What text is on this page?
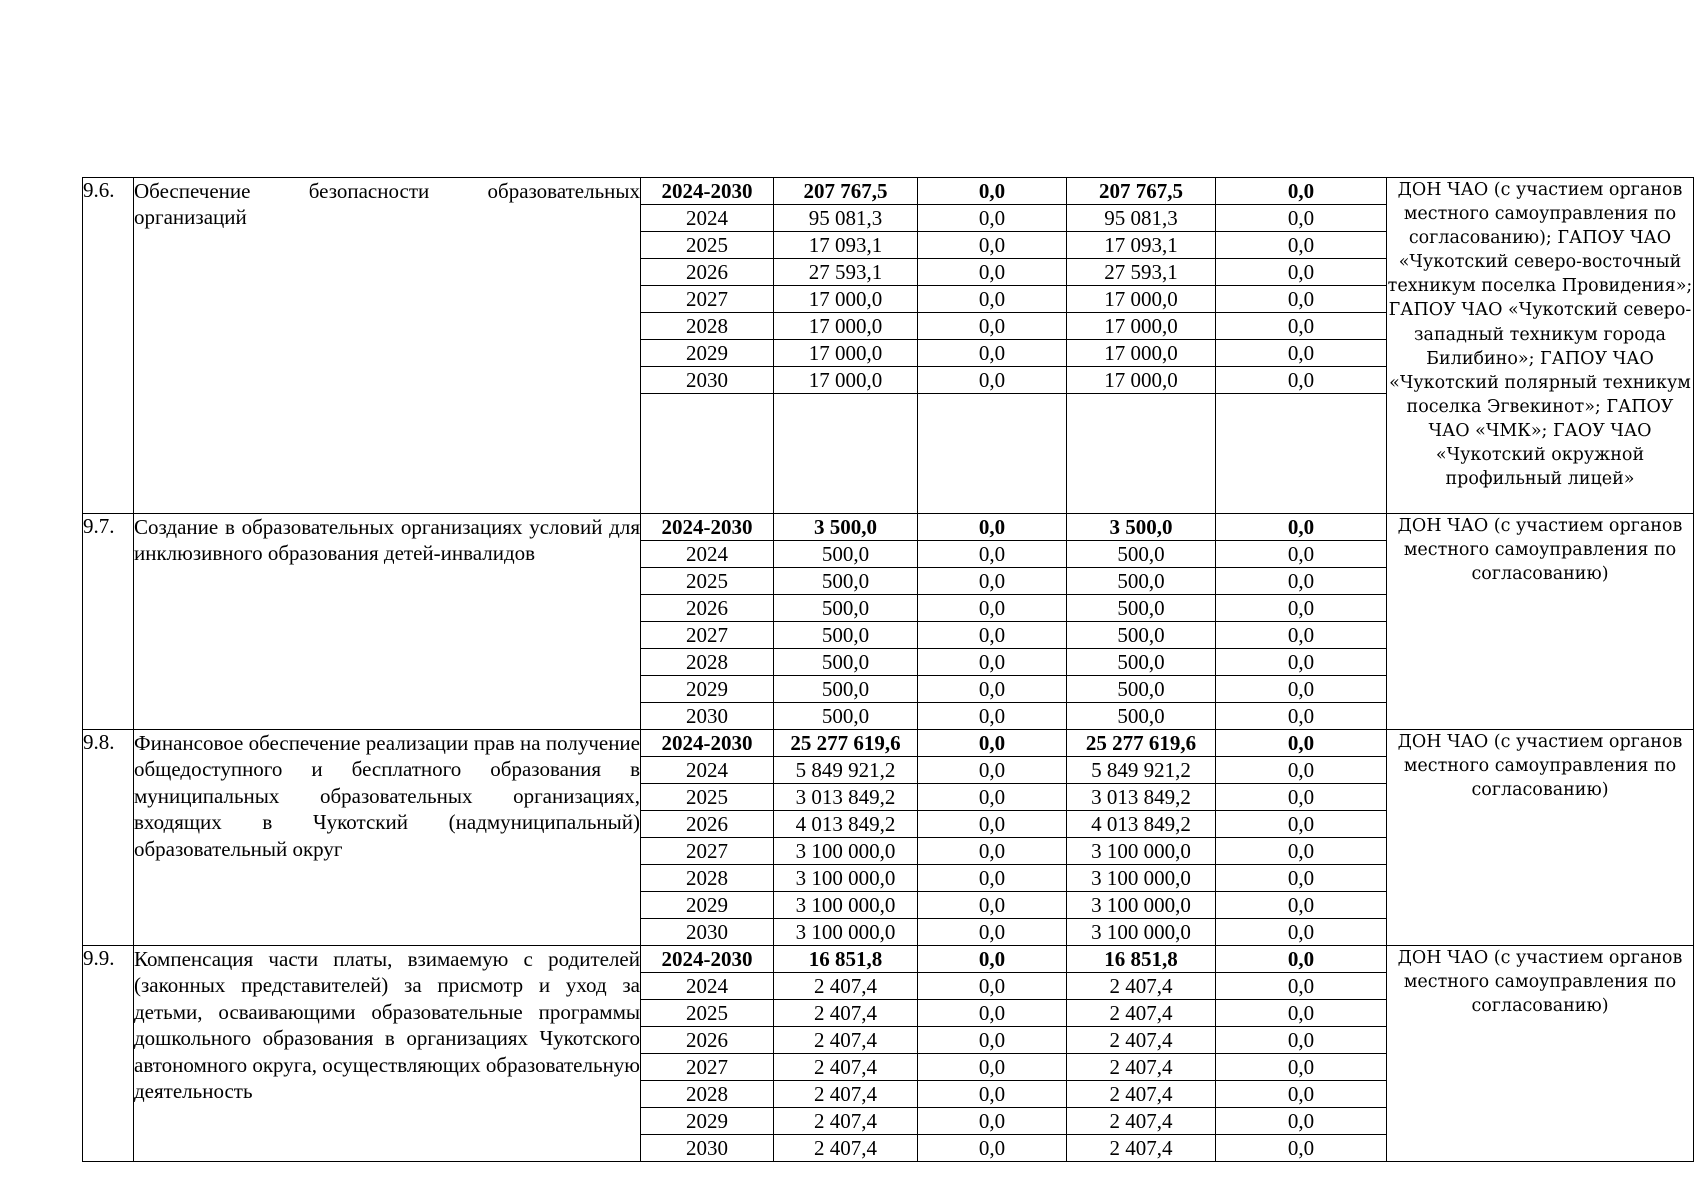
9.6.	Обеспечение безопасности образовательных организаций	2024-2030	207 767,5	0,0	207 767,5	0,0	ДОН ЧАО (с участием органов местного самоуправления по согласованию); ГАПОУ ЧАО «Чукотский северо-восточный техникум поселка Провидения»; ГАПОУ ЧАО «Чукотский северо-западный техникум города Билибино»; ГАПОУ ЧАО «Чукотский полярный техникум поселка Эгвекинот»; ГАПОУ ЧАО «ЧМК»; ГАОУ ЧАО «Чукотский окружной профильный лицей»
		2024	95 081,3	0,0	95 081,3	0,0	
		2025	17 093,1	0,0	17 093,1	0,0	
		2026	27 593,1	0,0	27 593,1	0,0	
		2027	17 000,0	0,0	17 000,0	0,0	
		2028	17 000,0	0,0	17 000,0	0,0	
		2029	17 000,0	0,0	17 000,0	0,0	
		2030	17 000,0	0,0	17 000,0	0,0	

9.7.	Создание в образовательных организациях условий для инклюзивного образования детей-инвалидов	2024-2030	3 500,0	0,0	3 500,0	0,0	ДОН ЧАО (с участием органов местного самоуправления по согласованию)
		2024	500,0	0,0	500,0	0,0	
		2025	500,0	0,0	500,0	0,0	
		2026	500,0	0,0	500,0	0,0	
		2027	500,0	0,0	500,0	0,0	
		2028	500,0	0,0	500,0	0,0	
		2029	500,0	0,0	500,0	0,0	
		2030	500,0	0,0	500,0	0,0	
9.8.	Финансовое обеспечение реализации прав на получение общедоступного и бесплатного образования в муниципальных образовательных организациях, входящих в Чукотский (надмуниципальный) образовательный округ	2024-2030	25 277 619,6	0,0	25 277 619,6	0,0	ДОН ЧАО (с участием органов местного самоуправления по согласованию)
		2024	5 849 921,2	0,0	5 849 921,2	0,0	
		2025	3 013 849,2	0,0	3 013 849,2	0,0	
		2026	4 013 849,2	0,0	4 013 849,2	0,0	
		2027	3 100 000,0	0,0	3 100 000,0	0,0	
		2028	3 100 000,0	0,0	3 100 000,0	0,0	
		2029	3 100 000,0	0,0	3 100 000,0	0,0	
		2030	3 100 000,0	0,0	3 100 000,0	0,0	
9.9.	Компенсация части платы, взимаемую с родителей (законных представителей) за присмотр и уход за детьми, осваивающими образовательные программы дошкольного образования в организациях Чукотского автономного округа, осуществляющих образовательную деятельность	2024-2030	16 851,8	0,0	16 851,8	0,0	ДОН ЧАО (с участием органов местного самоуправления по согласованию)
		2024	2 407,4	0,0	2 407,4	0,0	
		2025	2 407,4	0,0	2 407,4	0,0	
		2026	2 407,4	0,0	2 407,4	0,0	
		2027	2 407,4	0,0	2 407,4	0,0	
		2028	2 407,4	0,0	2 407,4	0,0	
		2029	2 407,4	0,0	2 407,4	0,0	
		2030	2 407,4	0,0	2 407,4	0,0	
